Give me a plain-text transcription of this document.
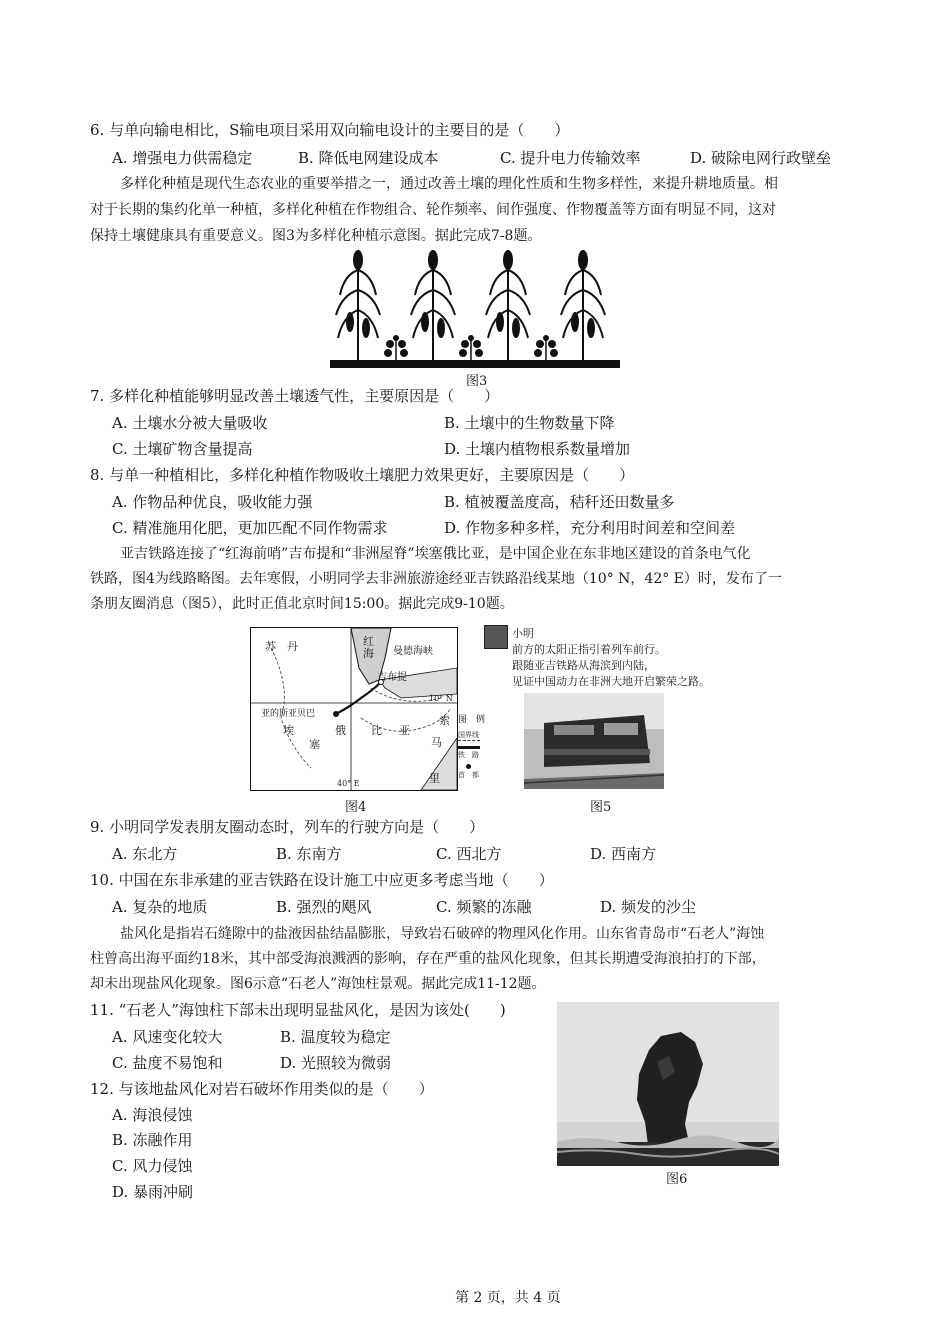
6. 与单向输电相比，S输电项目采用双向输电设计的主要目的是（　　）
A. 增强电力供需稳定	B. 降低电网建设成本	C. 提升电力传输效率	D. 破除电网行政壁垒
多样化种植是现代生态农业的重要举措之一，通过改善土壤的理化性质和生物多样性，来提升耕地质量。相
对于长期的集约化单一种植，多样化种植在作物组合、轮作频率、间作强度、作物覆盖等方面有明显不同，这对
保持土壤健康具有重要意义。图3为多样化种植示意图。据此完成7-8题。
图3
7. 多样化种植能够明显改善土壤透气性，主要原因是（　　）
A. 土壤水分被大量吸收	B. 土壤中的生物数量下降
C. 土壤矿物含量提高	D. 土壤内植物根系数量增加
8. 与单一种植相比，多样化种植作物吸收土壤肥力效果更好，主要原因是（　　）
A. 作物品种优良，吸收能力强	B. 植被覆盖度高，秸秆还田数量多
C. 精准施用化肥，更加匹配不同作物需求	D. 作物多种多样，充分利用时间差和空间差
亚吉铁路连接了“红海前哨”吉布提和“非洲屋脊”埃塞俄比亚，是中国企业在东非地区建设的首条电气化
铁路，图4为线路略图。去年寒假，小明同学去非洲旅游途经亚吉铁路沿线某地（10° N，42° E）时，发布了一
条朋友圈消息（图5），此时正值北京时间15:00。据此完成9-10题。
苏　丹	红
海 曼德海峡
吉布提
亚的斯亚贝巴
埃
塞
俄
索
比 亚
马
里
10° N
40° E
图　例
国界线
铁　路
首　都
图4
小明
前方的太阳正指引着列车前行。
跟随亚吉铁路从海滨到内陆，
见证中国动力在非洲大地开启繁荣之路。
图5
9. 小明同学发表朋友圈动态时，列车的行驶方向是（　　）
A. 东北方	B. 东南方	C. 西北方	D. 西南方
10. 中国在东非承建的亚吉铁路在设计施工中应更多考虑当地（　　）
A. 复杂的地质	B. 强烈的飓风	C. 频繁的冻融	D. 频发的沙尘
盐风化是指岩石缝隙中的盐液因盐结晶膨胀，导致岩石破碎的物理风化作用。山东省青岛市“石老人”海蚀
柱曾高出海平面约18米，其中部受海浪溅洒的影响，存在严重的盐风化现象，但其长期遭受海浪拍打的下部，
却未出现盐风化现象。图6示意“石老人”海蚀柱景观。据此完成11-12题。
11. “石老人”海蚀柱下部未出现明显盐风化，是因为该处(　　)
A. 风速变化较大	B. 温度较为稳定
C. 盐度不易饱和	D. 光照较为微弱
12. 与该地盐风化对岩石破坏作用类似的是（　　）
A. 海浪侵蚀
B. 冻融作用
C. 风力侵蚀
D. 暴雨冲刷
图6
第 2 页，共 4 页
